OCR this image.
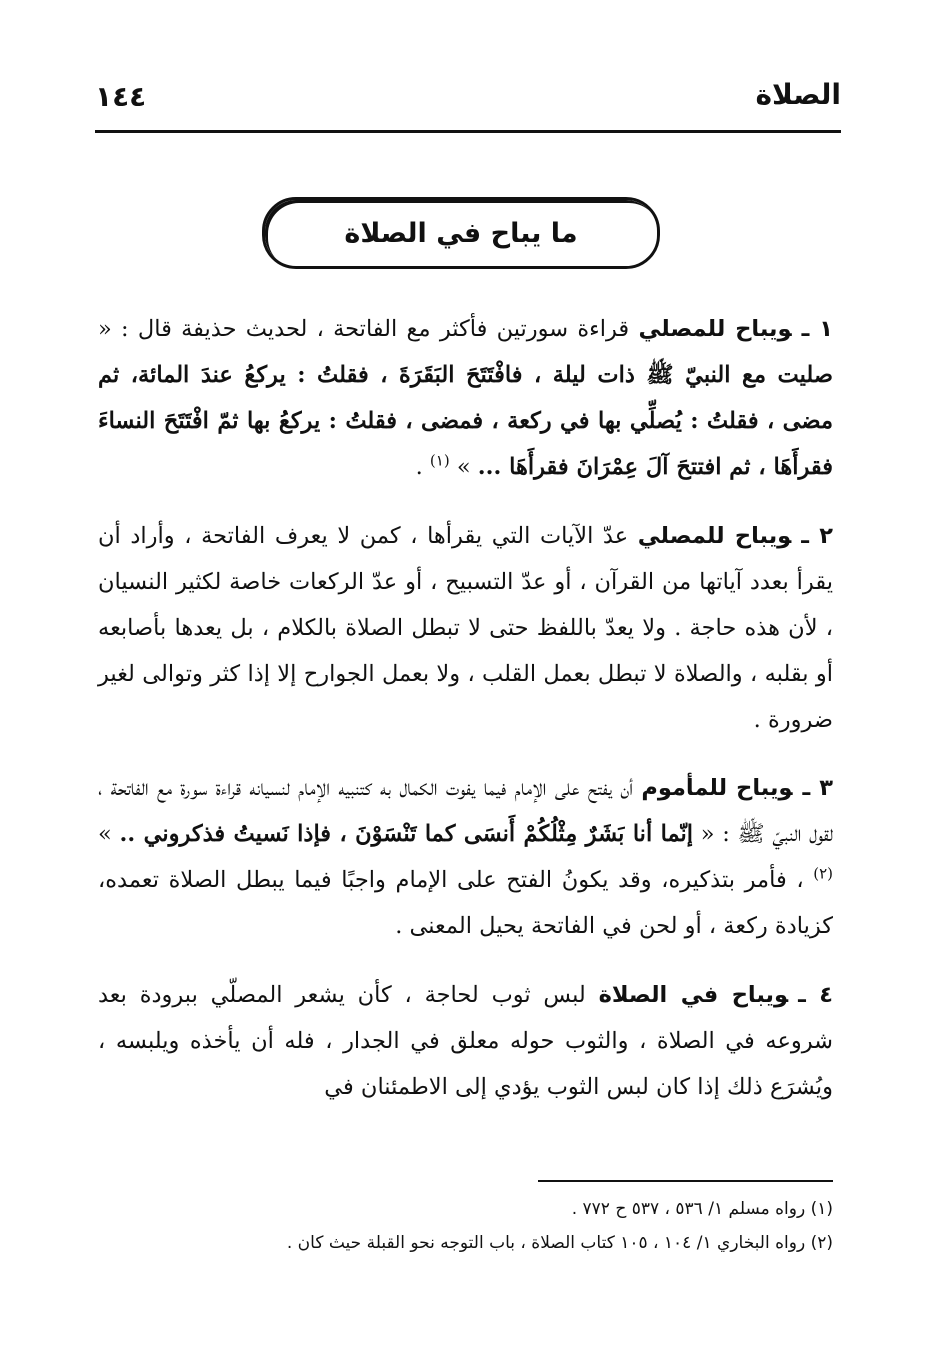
الصلاة
١٤٤
ما يباح في الصلاة

١ ـويباح للمصلي قراءة سورتين فأكثر مع الفاتحة ، لحديث حذيفة قال : « صليت مع النبيّ ﷺ ذات ليلة ، فافْتَتَحَ البَقَرَةَ ، فقلتُ : يركعُ عندَ المائة، ثم مضى ، فقلتُ : يُصلِّي بها في ركعة ، فمضى ، فقلتُ : يركعُ بها ثمّ افْتَتَحَ النساءَ فقرأَهَا ، ثم افتتحَ آلَ عِمْرَانَ فقرأَهَا ... » $^{(١)}$ .

٢ ـويباح للمصلي عدّ الآيات التي يقرأها ، كمن لا يعرف الفاتحة ، وأراد أن يقرأ بعدد آياتها من القرآن ، أو عدّ التسبيح ، أو عدّ الركعات خاصة لكثير النسيان ، لأن هذه حاجة . ولا يعدّ باللفظ حتى لا تبطل الصلاة بالكلام ، بل يعدها بأصابعه أو بقلبه ، والصلاة لا تبطل بعمل القلب ، ولا بعمل الجوارح إلا إذا كثر وتوالى لغير ضرورة .

٣ ـويباح للمأموم أن يفتح على الإمام فيما يفوت الكمال به كتنبيه الإمام لنسيانه قراءة سورة مع الفاتحة ، لقول النبيّ ﷺ : « إنّما أنا بَشَرٌ مِثْلُكُمْ أَنسَى كما تَنْسَوْنَ ، فإذا نَسيتُ فذكروني .. » $^{(٢)}$ ، فأمر بتذكيره، وقد يكونُ الفتح على الإمام واجبًا فيما يبطل الصلاة تعمده، كزيادة ركعة ، أو لحن في الفاتحة يحيل المعنى .

٤ ـويباح في الصلاة لبس ثوب لحاجة ، كأن يشعر المصلّي ببرودة بعد شروعه في الصلاة ، والثوب حوله معلق في الجدار ، فله أن يأخذه ويلبسه ، ويُشرَع ذلك إذا كان لبس الثوب يؤدي إلى الاطمئنان في

(١) رواه مسلم ١/ ٥٣٦ ، ٥٣٧ ح ٧٧٢ .
(٢) رواه البخاري ١/ ١٠٤ ، ١٠٥ كتاب الصلاة ، باب التوجه نحو القبلة حيث كان .
